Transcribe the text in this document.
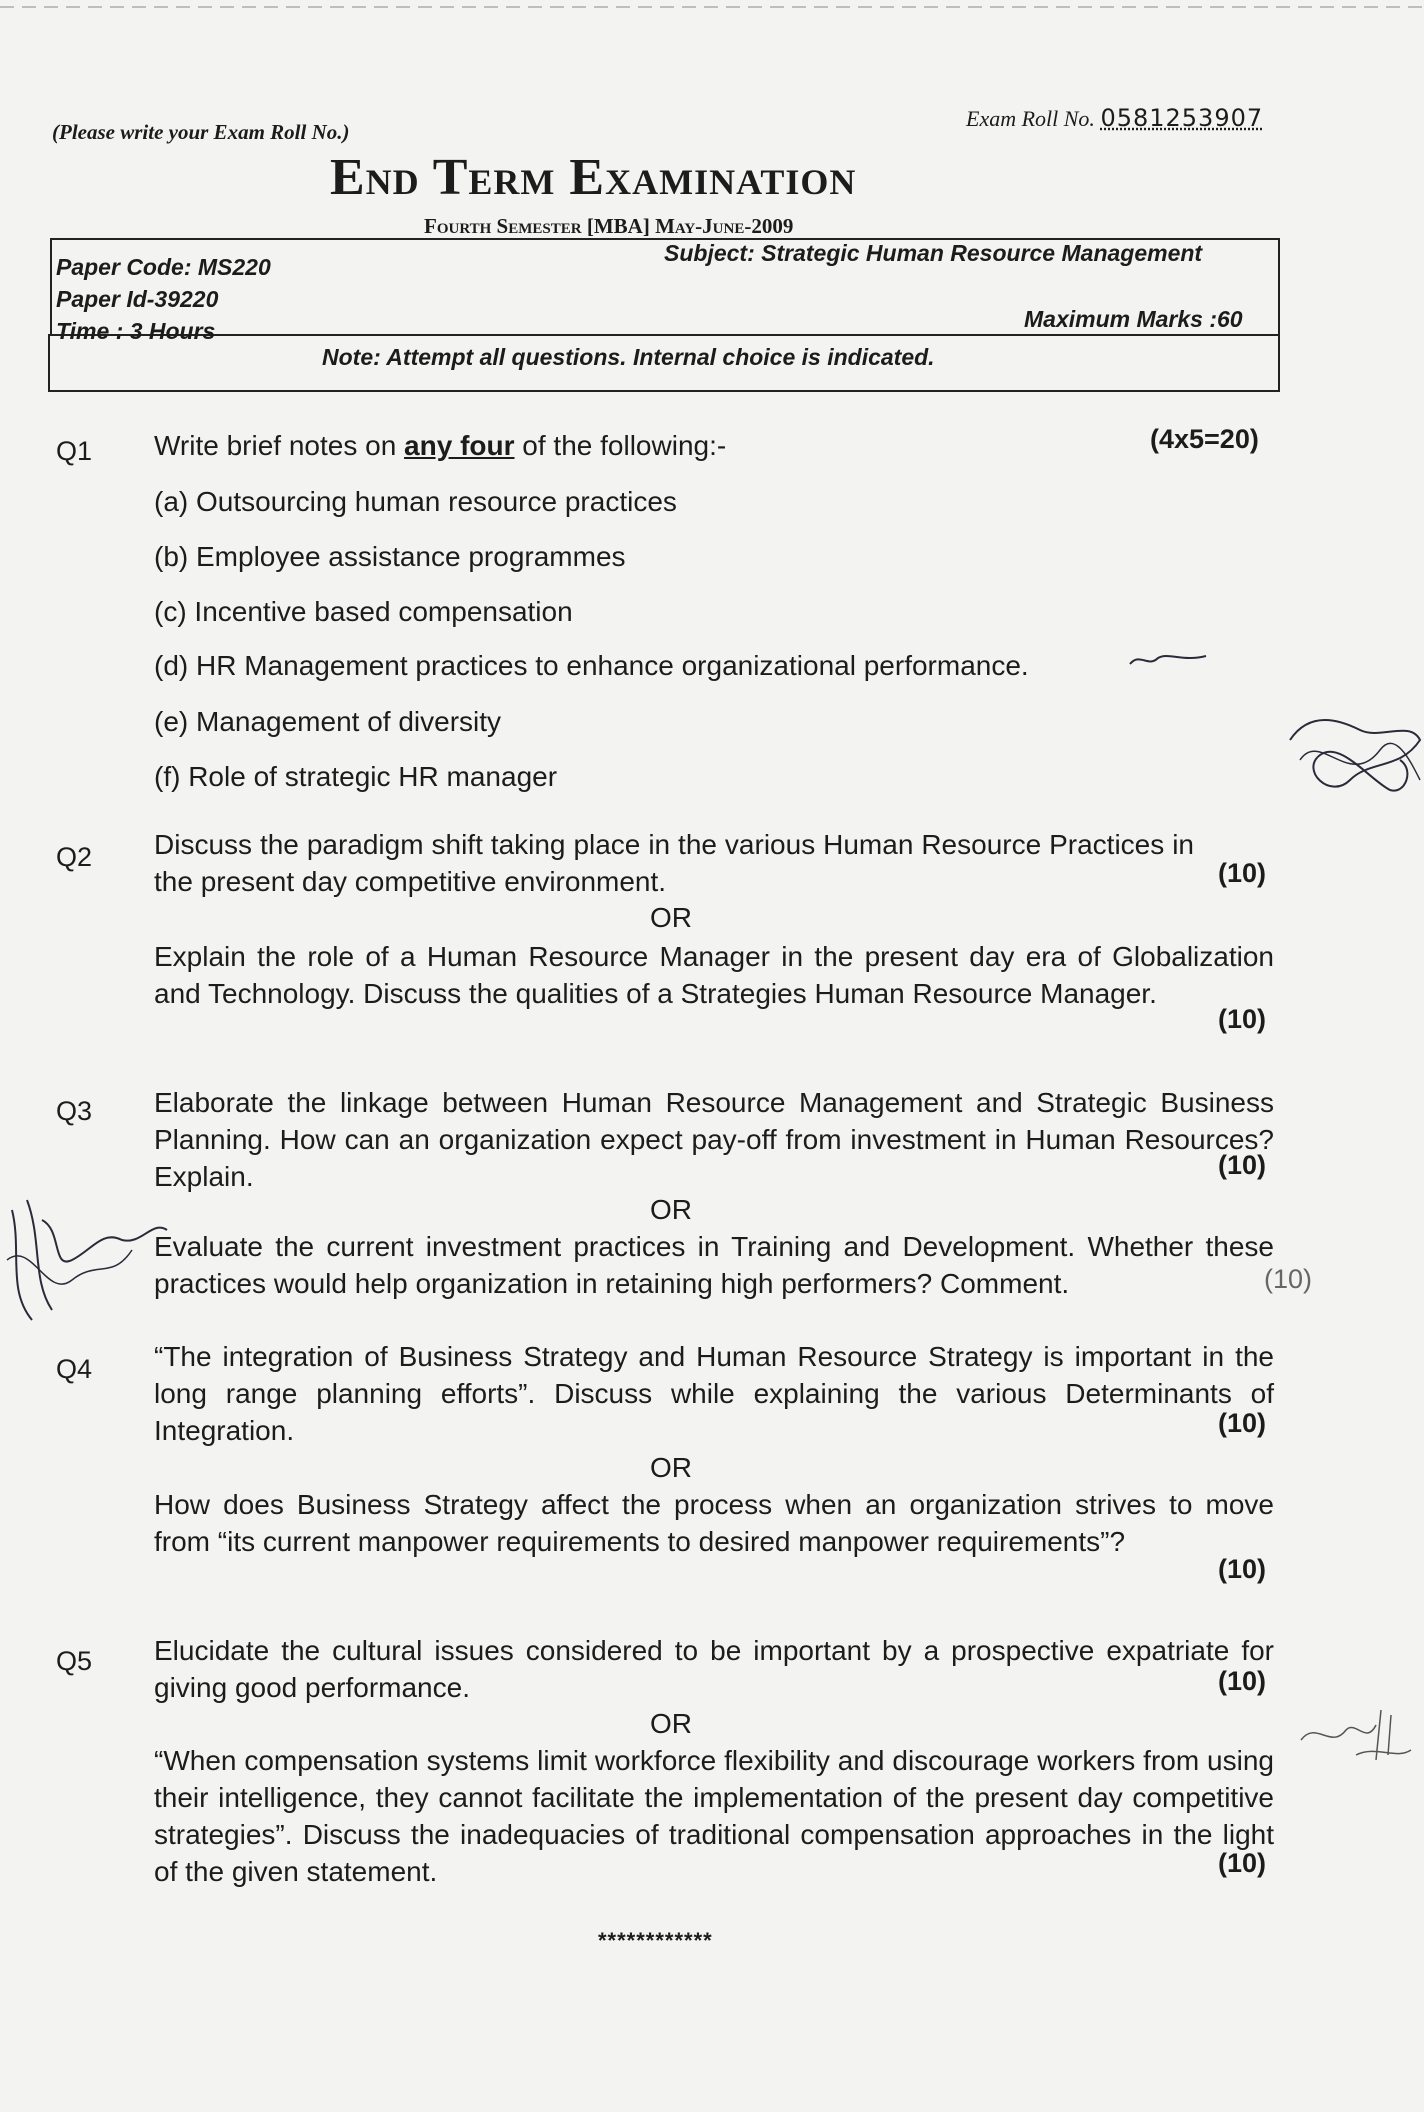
(Please write your Exam Roll No.)
Exam Roll No. 0581253907
End Term Examination
Fourth Semester [MBA] May-June-2009
Paper Code: MS220
Paper Id-39220
Subject: Strategic Human Resource Management
Time : 3 Hours	Maximum Marks :60
Note: Attempt all questions. Internal choice is indicated.
Q1 Write brief notes on any four of the following:-	(4x5=20)
(a) Outsourcing human resource practices
(b) Employee assistance programmes
(c) Incentive based compensation
(d) HR Management practices to enhance organizational performance.
(e) Management of diversity
(f) Role of strategic HR manager
Q2 Discuss the paradigm shift taking place in the various Human Resource Practices in the present day competitive environment.	(10)
OR
Explain the role of a Human Resource Manager in the present day era of Globalization and Technology. Discuss the qualities of a Strategies Human Resource Manager.
(10)
Q3 Elaborate the linkage between Human Resource Management and Strategic Business Planning. How can an organization expect pay-off from investment in Human Resources? Explain.	(10)
OR
Evaluate the current investment practices in Training and Development. Whether these practices would help organization in retaining high performers? Comment.	(10)
Q4 “The integration of Business Strategy and Human Resource Strategy is important in the long range planning efforts”. Discuss while explaining the various Determinants of Integration.	(10)
OR
How does Business Strategy affect the process when an organization strives to move from “its current manpower requirements to desired manpower requirements”?
(10)
Q5 Elucidate the cultural issues considered to be important by a prospective expatriate for giving good performance.	(10)
OR
“When compensation systems limit workforce flexibility and discourage workers from using their intelligence, they cannot facilitate the implementation of the present day competitive strategies”. Discuss the inadequacies of traditional compensation approaches in the light of the given statement.	(10)
************
